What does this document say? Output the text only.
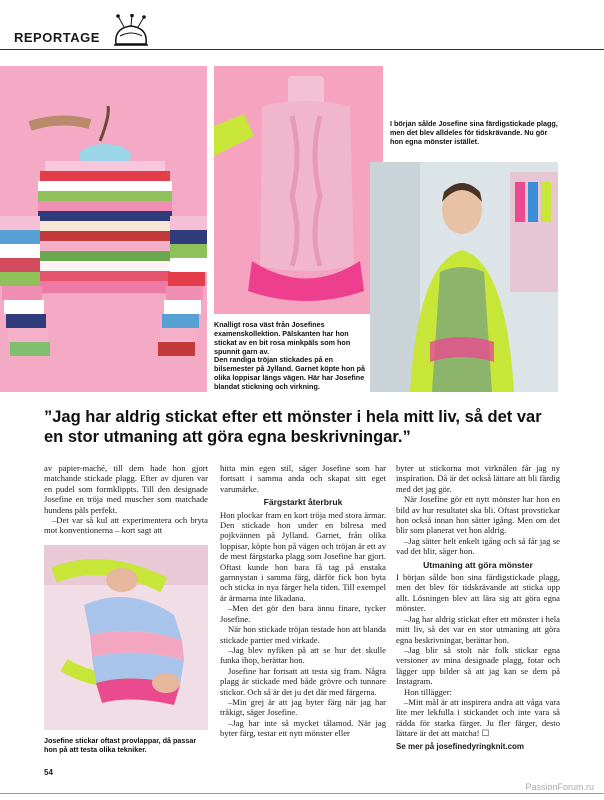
REPORTAGE
I början sålde Josefine sina färdigstickade plagg, men det blev alldeles för tidskrävande. Nu gör hon egna mönster istället.
Knalligt rosa väst från Josefines examenskollektion. Pälskanten har hon stickat av en bit rosa minkpäls som hon spunnit garn av.
Den randiga tröjan stickades på en bilsemester på Jylland. Garnet köpte hon på olika loppisar längs vägen. Här har Josefine blandat stickning och virkning.
”Jag har aldrig stickat efter ett mönster i hela mitt liv, så det var en stor utmaning att göra egna beskrivningar.”

av papier-maché, till dem hade hon gjort matchande stickade plagg. Efter av djuren var en pudel som formklippts. Till den designade Josefine en tröja med muscher som matchade hundens päls perfekt.

–Det var så kul att experimentera och bryta mot konventionerna – kort sagt att

Josefine stickar oftast provlappar, då passar hon på att testa olika tekniker.

hitta min egen stil, säger Josefine som har fortsatt i samma anda och skapat sitt eget varumärke.

Färgstarkt återbruk

Hon plockar fram en kort tröja med stora ärmar. Den stickade hon under en bilresa med pojkvännen på Jylland. Garnet, från olika loppisar, köpte hon på vägen och tröjan är ett av de mest färgstarka plagg som Josefine har gjort. Oftast kunde hon bara få tag på enstaka garnnystan i samma färg, därför fick hon byta och sticka in nya färger hela tiden. Till exempel är ärmarna inte likadana.

–Men det gör den bara ännu finare, tycker Josefine.

När hon stickade tröjan testade hon att blanda stickade partier med virkade.

–Jag blev nyfiken på att se hur det skulle funka ihop, berättar hon.

Josefine har fortsatt att testa sig fram. Några plagg är stickade med både grövre och tunnare stickor. Och så är det ju det där med färgerna.

–Min grej är att jag byter färg när jag har tråkigt, säger Josefine.

–Jag har inte så mycket tålamod. När jag byter färg, testar ett nytt mönster eller

byter ut stickorna mot virknålen får jag ny inspiration. Då är det också lättare att bli färdig med det jag gör.

När Josefine gör ett nytt mönster har hon en bild av hur resultatet ska bli. Oftast provstickar hon också innan hon sätter igång. Men om det blir som planerat vet hon aldrig.

–Jag sätter helt enkelt igång och så får jag se vad det blir, säger hon.

Utmaning att göra mönster

I början sålde hon sina färdigstickade plagg, men det blev för tidskrävande att sticka upp allt. Lösningen blev att lära sig att göra egna mönster.

–Jag har aldrig stickat efter ett mönster i hela mitt liv, så det var en stor utmaning att göra egna beskrivningar, berättar hon.

–Jag blir så stolt när folk stickar egna versioner av mina designade plagg, fotar och lägger upp bilder så att jag kan se dem på Instagram.

Hon tillägger:

–Mitt mål är att inspirera andra att våga vara lite mer lekfulla i stickandet och inte vara så rädda för starka färger. Ju fler färger, desto lättare är det att matcha! ☐

Se mer på josefinedyringknit.com
54
PassionForum.ru
